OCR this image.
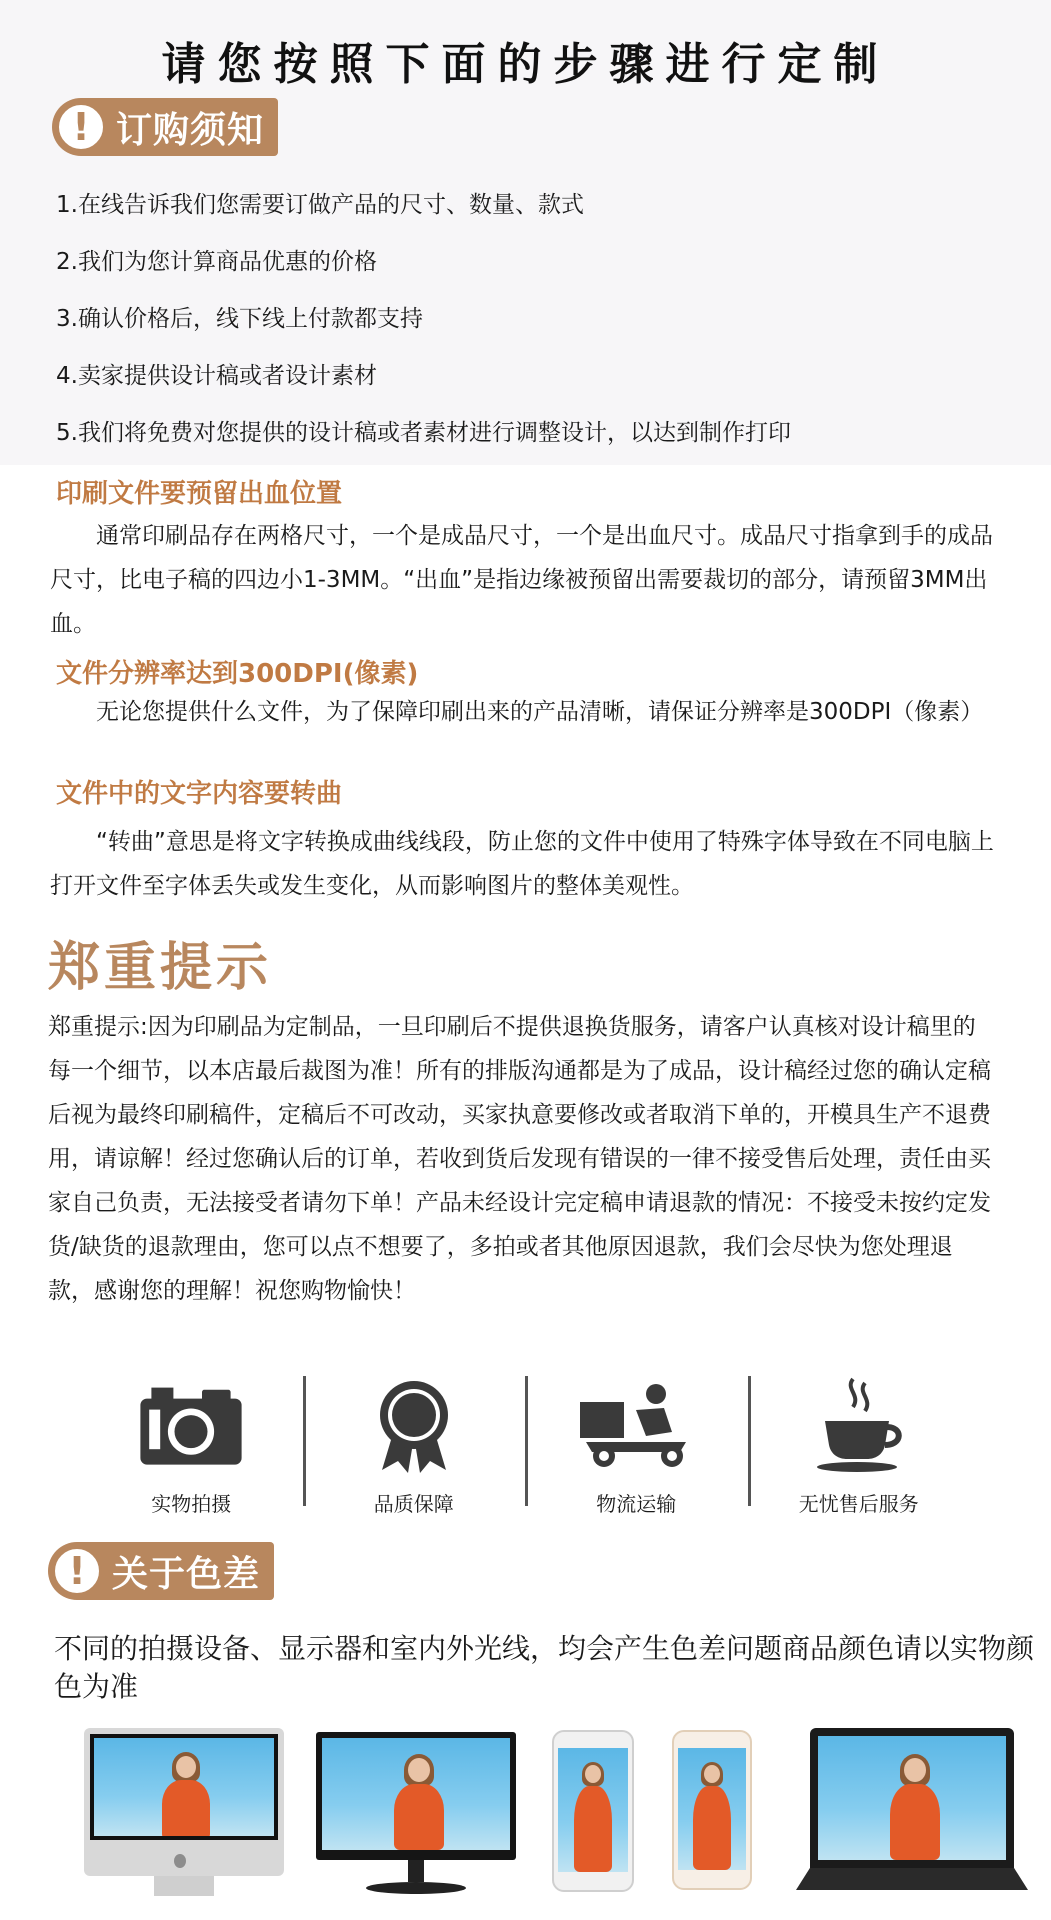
请您按照下面的步骤进行定制
! 订购须知
1.在线告诉我们您需要订做产品的尺寸、数量、款式
2.我们为您计算商品优惠的价格
3.确认价格后，线下线上付款都支持
4.卖家提供设计稿或者设计素材
5.我们将免费对您提供的设计稿或者素材进行调整设计，以达到制作打印
印刷文件要预留出血位置
通常印刷品存在两格尺寸，一个是成品尺寸，一个是出血尺寸。成品尺寸指拿到手的成品尺寸，比电子稿的四边小1-3MM。“出血”是指边缘被预留出需要裁切的部分，请预留3MM出血。
文件分辨率达到300DPI(像素)
无论您提供什么文件，为了保障印刷出来的产品清晰，请保证分辨率是300DPI（像素）
文件中的文字内容要转曲
“转曲”意思是将文字转换成曲线线段，防止您的文件中使用了特殊字体导致在不同电脑上打开文件至字体丢失或发生变化，从而影响图片的整体美观性。
郑重提示
郑重提示:因为印刷品为定制品，一旦印刷后不提供退换货服务，请客户认真核对设计稿里的每一个细节，以本店最后裁图为准！所有的排版沟通都是为了成品，设计稿经过您的确认定稿后视为最终印刷稿件，定稿后不可改动，买家执意要修改或者取消下单的，开模具生产不退费用，请谅解！经过您确认后的订单，若收到货后发现有错误的一律不接受售后处理，责任由买家自己负责，无法接受者请勿下单！产品未经设计完定稿申请退款的情况：不接受未按约定发货/缺货的退款理由，您可以点不想要了，多拍或者其他原因退款，我们会尽快为您处理退款，感谢您的理解！祝您购物愉快！
实物拍摄	品质保障	物流运输	无忧售后服务
! 关于色差
不同的拍摄设备、显示器和室内外光线，均会产生色差问题商品颜色请以实物颜色为准
